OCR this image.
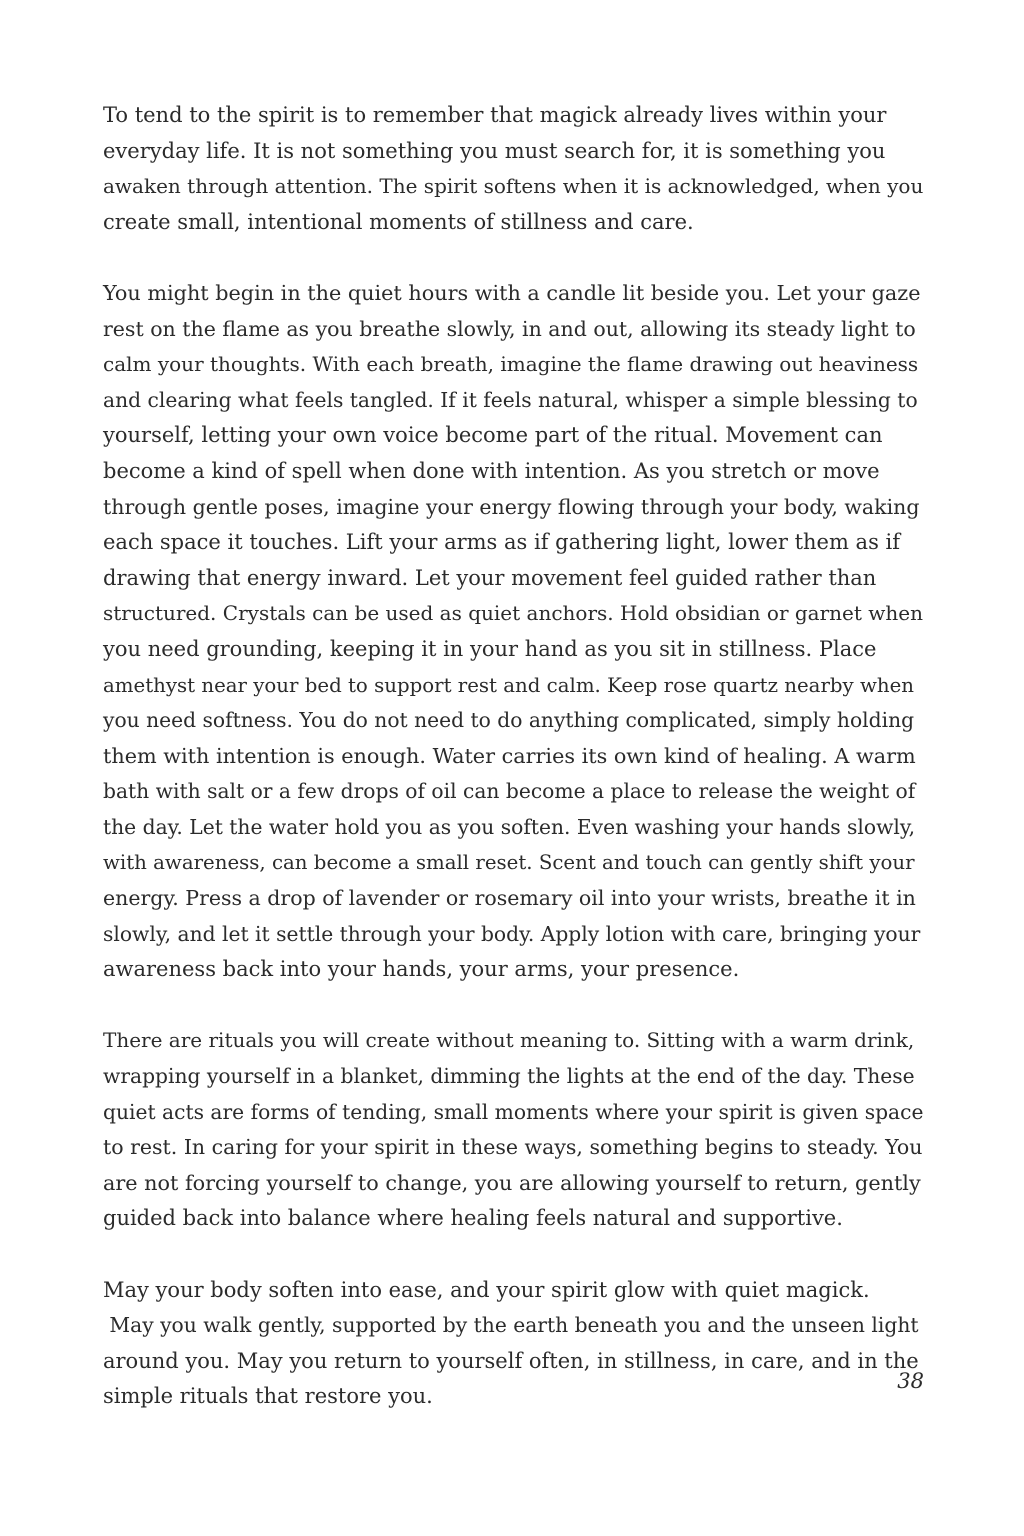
To tend to the spirit is to remember that magick already lives within your
everyday life. It is not something you must search for, it is something you
awaken through attention. The spirit softens when it is acknowledged, when you
create small, intentional moments of stillness and care.
You might begin in the quiet hours with a candle lit beside you. Let your gaze
rest on the flame as you breathe slowly, in and out, allowing its steady light to
calm your thoughts. With each breath, imagine the flame drawing out heaviness
and clearing what feels tangled. If it feels natural, whisper a simple blessing to
yourself, letting your own voice become part of the ritual. Movement can
become a kind of spell when done with intention. As you stretch or move
through gentle poses, imagine your energy flowing through your body, waking
each space it touches. Lift your arms as if gathering light, lower them as if
drawing that energy inward. Let your movement feel guided rather than
structured. Crystals can be used as quiet anchors. Hold obsidian or garnet when
you need grounding, keeping it in your hand as you sit in stillness. Place
amethyst near your bed to support rest and calm. Keep rose quartz nearby when
you need softness. You do not need to do anything complicated, simply holding
them with intention is enough. Water carries its own kind of healing. A warm
bath with salt or a few drops of oil can become a place to release the weight of
the day. Let the water hold you as you soften. Even washing your hands slowly,
with awareness, can become a small reset. Scent and touch can gently shift your
energy. Press a drop of lavender or rosemary oil into your wrists, breathe it in
slowly, and let it settle through your body. Apply lotion with care, bringing your
awareness back into your hands, your arms, your presence.
There are rituals you will create without meaning to. Sitting with a warm drink,
wrapping yourself in a blanket, dimming the lights at the end of the day. These
quiet acts are forms of tending, small moments where your spirit is given space
to rest. In caring for your spirit in these ways, something begins to steady. You
are not forcing yourself to change, you are allowing yourself to return, gently
guided back into balance where healing feels natural and supportive.
May your body soften into ease, and your spirit glow with quiet magick.
May you walk gently, supported by the earth beneath you and the unseen light
around you. May you return to yourself often, in stillness, in care, and in the
simple rituals that restore you.
38
